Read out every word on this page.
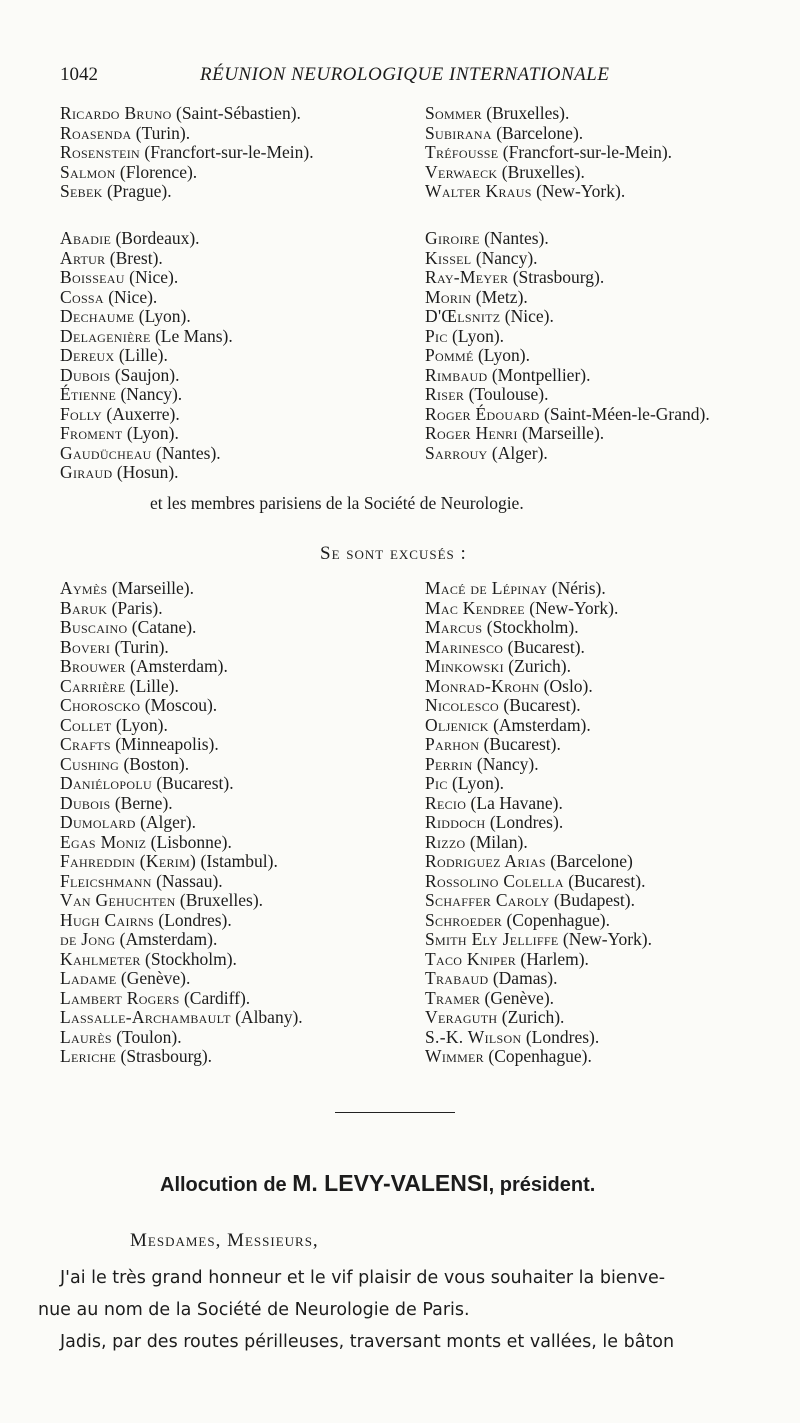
1042	RÉUNION NEUROLOGIQUE INTERNATIONALE
Ricardo Bruno (Saint-Sébastien).
Roasenda (Turin).
Rosenstein (Francfort-sur-le-Mein).
Salmon (Florence).
Sebek (Prague).
Sommer (Bruxelles).
Subirana (Barcelone).
Tréfousse (Francfort-sur-le-Mein).
Verwaeck (Bruxelles).
Walter Kraus (New-York).
Abadie (Bordeaux).
Artur (Brest).
Boisseau (Nice).
Cossa (Nice).
Dechaume (Lyon).
Delagenière (Le Mans).
Dereux (Lille).
Dubois (Saujon).
Étienne (Nancy).
Folly (Auxerre).
Froment (Lyon).
Gaudücheau (Nantes).
Giraud (Hosun).
Giroire (Nantes).
Kissel (Nancy).
Ray-Meyer (Strasbourg).
Morin (Metz).
D'Œlsnitz (Nice).
Pic (Lyon).
Pommé (Lyon).
Rimbaud (Montpellier).
Riser (Toulouse).
Roger Édouard (Saint-Méen-le-Grand).
Roger Henri (Marseille).
Sarrouy (Alger).
et les membres parisiens de la Société de Neurologie.
Se sont excusés :
Aymès (Marseille).
Baruk (Paris).
Buscaino (Catane).
Boveri (Turin).
Brouwer (Amsterdam).
Carrière (Lille).
Choroscko (Moscou).
Collet (Lyon).
Crafts (Minneapolis).
Cushing (Boston).
Daniélopolu (Bucarest).
Dubois (Berne).
Dumolard (Alger).
Egas Moniz (Lisbonne).
Fahreddin (Kerim) (Istambul).
Fleicshmann (Nassau).
Van Gehuchten (Bruxelles).
Hugh Cairns (Londres).
de Jong (Amsterdam).
Kahlmeter (Stockholm).
Ladame (Genève).
Lambert Rogers (Cardiff).
Lassalle-Archambault (Albany).
Laurès (Toulon).
Leriche (Strasbourg).
Macé de Lépinay (Néris).
Mac Kendree (New-York).
Marcus (Stockholm).
Marinesco (Bucarest).
Minkowski (Zurich).
Monrad-Krohn (Oslo).
Nicolesco (Bucarest).
Oljenick (Amsterdam).
Parhon (Bucarest).
Perrin (Nancy).
Pic (Lyon).
Recio (La Havane).
Riddoch (Londres).
Rizzo (Milan).
Rodriguez Arias (Barcelone)
Rossolino Colella (Bucarest).
Schaffer Caroly (Budapest).
Schroeder (Copenhague).
Smith Ely Jelliffe (New-York).
Taco Kniper (Harlem).
Trabaud (Damas).
Tramer (Genève).
Veraguth (Zurich).
S.-K. Wilson (Londres).
Wimmer (Copenhague).
Allocution de M. LEVY-VALENSI, président.
Mesdames, Messieurs,
J'ai le très grand honneur et le vif plaisir de vous souhaiter la bienve-
nue au nom de la Société de Neurologie de Paris.
Jadis, par des routes périlleuses, traversant monts et vallées, le bâton
